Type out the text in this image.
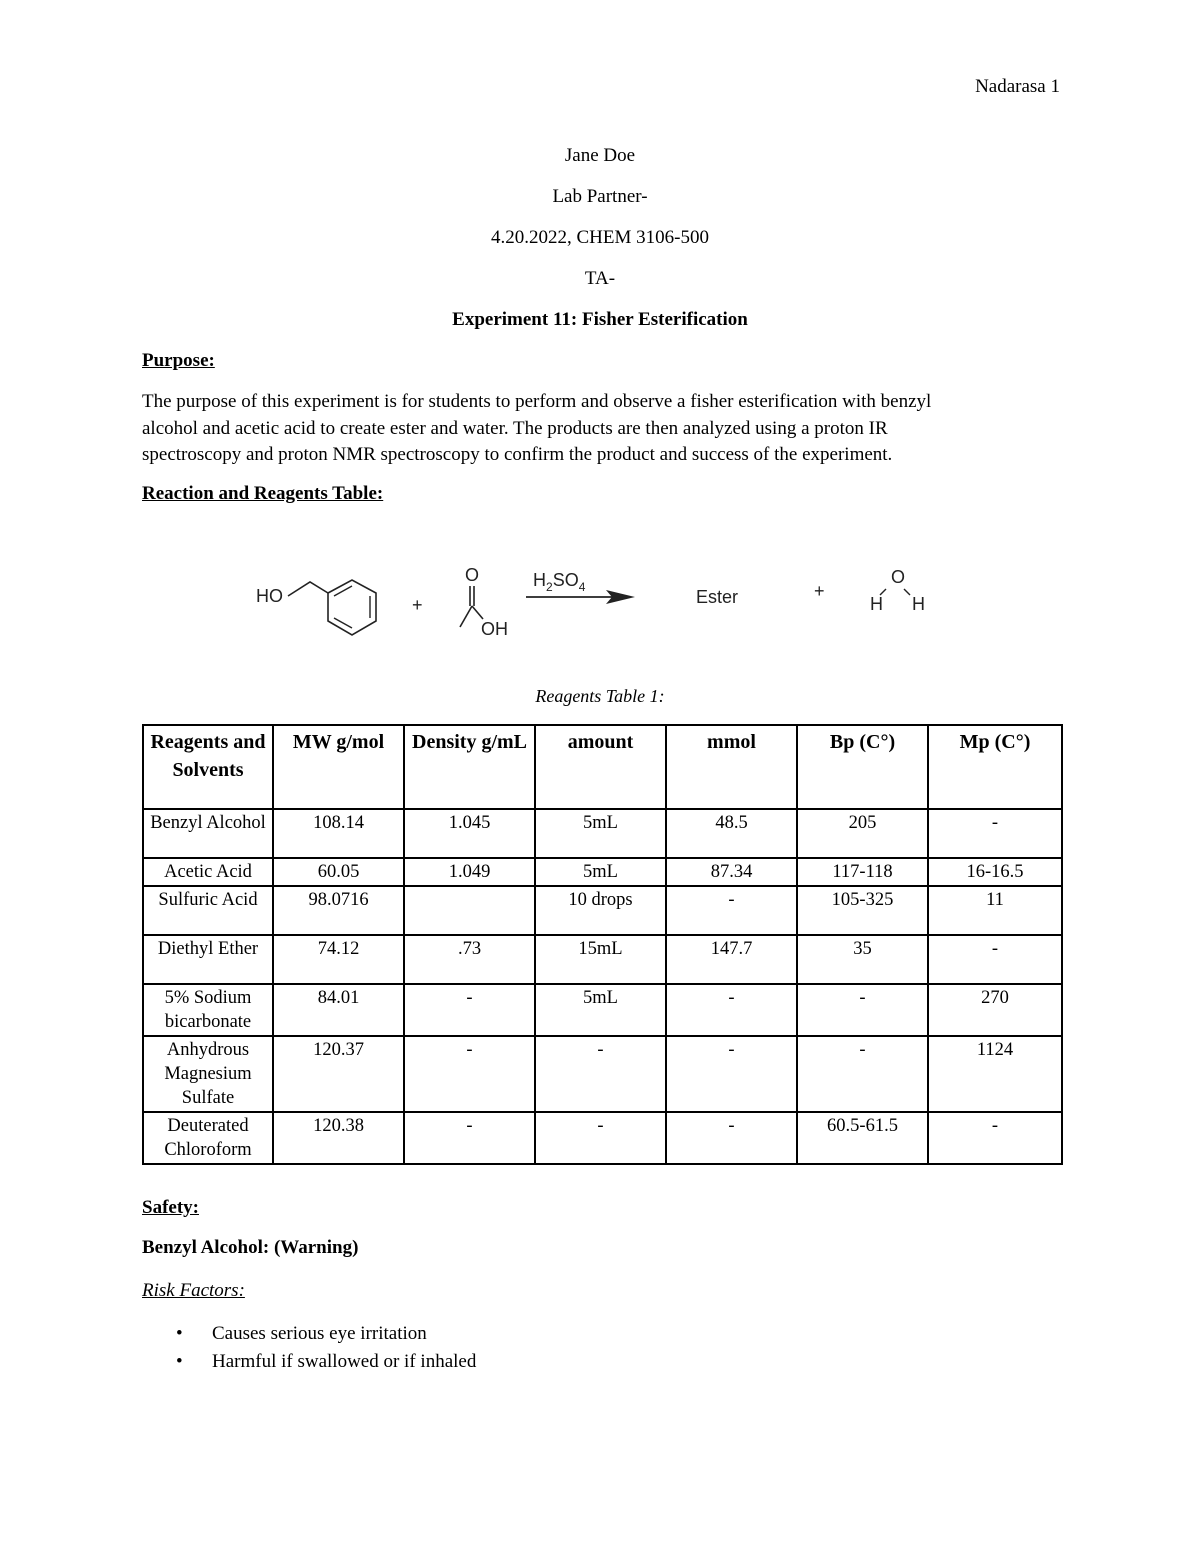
Nadarasa 1
Jane Doe
Lab Partner-
4.20.2022, CHEM 3106-500
TA-
Experiment 11: Fisher Esterification
Purpose:
The purpose of this experiment is for students to perform and observe a fisher esterification with benzyl
alcohol and acetic acid to create ester and water. The products are then analyzed using a proton IR
spectroscopy and proton NMR spectroscopy to confirm the product and success of the experiment.
Reaction and Reagents Table:
HO	+
O
OH
$H_2SO_4$	Ester	+
O
H H
Reagents Table 1:
Reagents and Solvents	MW g/mol	Density g/mL	amount	mmol	Bp (C°)	Mp (C°)
Benzyl Alcohol	108.14	1.045	5mL	48.5	205	-
Acetic Acid	60.05	1.049	5mL	87.34	117-118	16-16.5
Sulfuric Acid	98.0716		10 drops	-	105-325	11
Diethyl Ether	74.12	.73	15mL	147.7	35	-
5% Sodium bicarbonate	84.01	-	5mL	-	-	270
Anhydrous Magnesium Sulfate	120.37	-	-	-	-	1124
Deuterated Chloroform	120.38	-	-	-	60.5-61.5	-
Safety:
Benzyl Alcohol: (Warning)
Risk Factors:
• Causes serious eye irritation
• Harmful if swallowed or if inhaled
